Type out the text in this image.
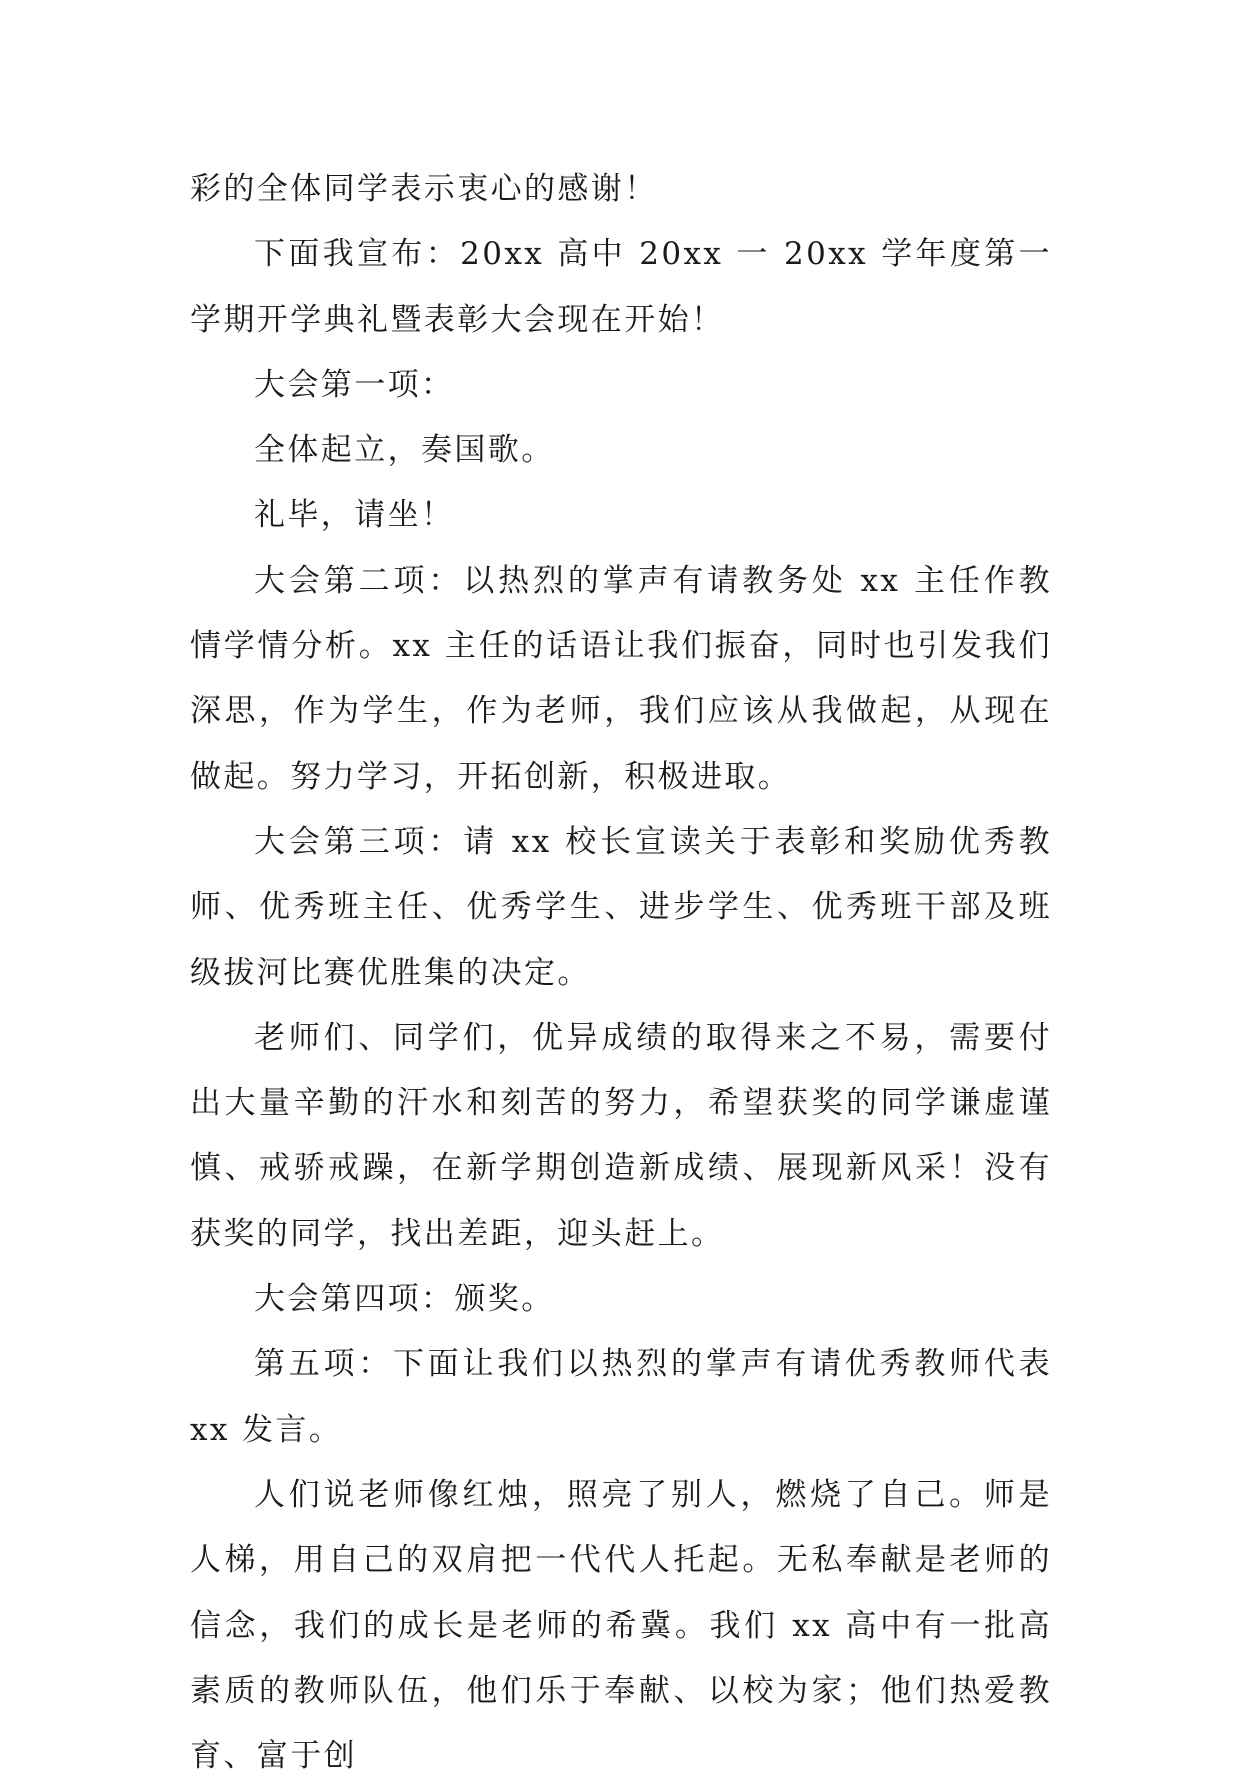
彩的全体同学表示衷心的感谢！

下面我宣布：20xx 高中 20xx 一 20xx 学年度第一学期开学典礼暨表彰大会现在开始！

大会第一项：

全体起立，奏国歌。

礼毕，请坐！

大会第二项：以热烈的掌声有请教务处 xx 主任作教情学情分析。xx 主任的话语让我们振奋，同时也引发我们深思，作为学生，作为老师，我们应该从我做起，从现在做起。努力学习，开拓创新，积极进取。

大会第三项：请 xx 校长宣读关于表彰和奖励优秀教师、优秀班主任、优秀学生、进步学生、优秀班干部及班级拔河比赛优胜集的决定。

老师们、同学们，优异成绩的取得来之不易，需要付出大量辛勤的汗水和刻苦的努力，希望获奖的同学谦虚谨慎、戒骄戒躁，在新学期创造新成绩、展现新风采！没有获奖的同学，找出差距，迎头赶上。

大会第四项：颁奖。

第五项：下面让我们以热烈的掌声有请优秀教师代表 xx 发言。

人们说老师像红烛，照亮了别人，燃烧了自己。师是人梯，用自己的双肩把一代代人托起。无私奉献是老师的信念，我们的成长是老师的希冀。我们 xx 高中有一批高素质的教师队伍，他们乐于奉献、以校为家；他们热爱教育、富于创
